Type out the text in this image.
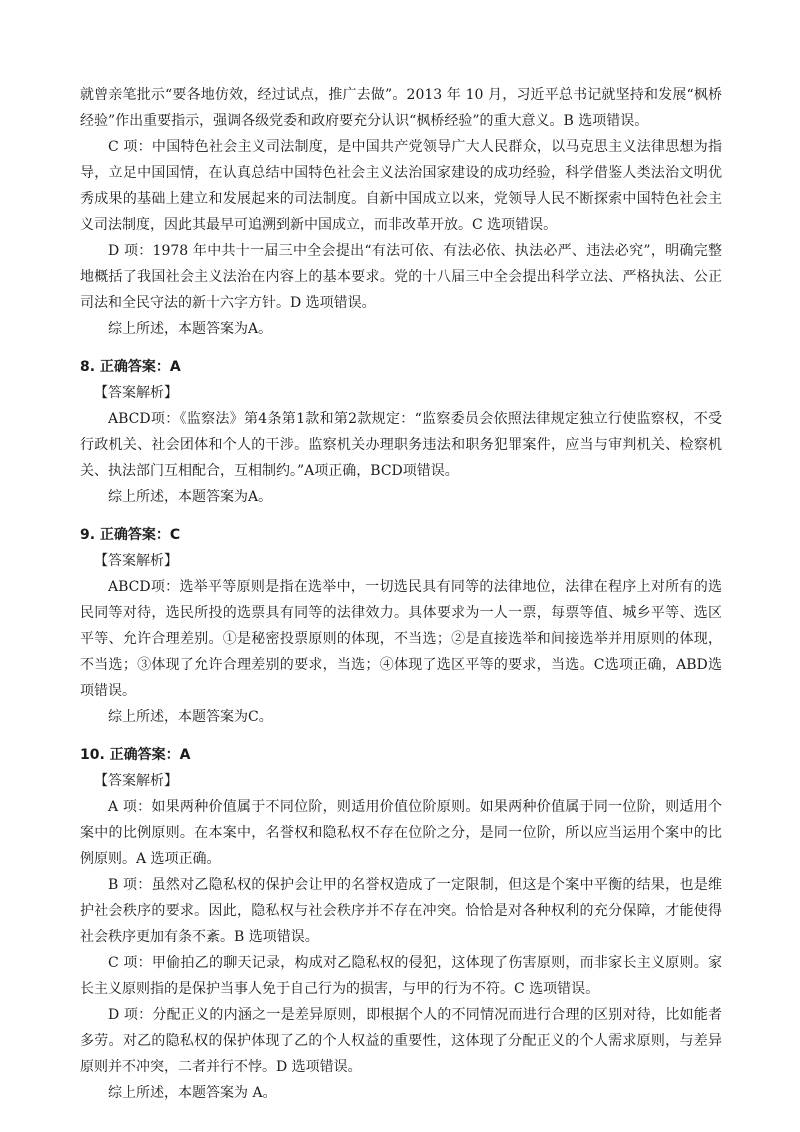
就曾亲笔批示“要各地仿效，经过试点，推广去做”。2013 年 10 月，习近平总书记就坚持和发展“枫桥经验”作出重要指示，强调各级党委和政府要充分认识“枫桥经验”的重大意义。B 选项错误。

C 项：中国特色社会主义司法制度，是中国共产党领导广大人民群众，以马克思主义法律思想为指导，立足中国国情，在认真总结中国特色社会主义法治国家建设的成功经验，科学借鉴人类法治文明优秀成果的基础上建立和发展起来的司法制度。自新中国成立以来，党领导人民不断探索中国特色社会主义司法制度，因此其最早可追溯到新中国成立，而非改革开放。C 选项错误。

D 项：1978 年中共十一届三中全会提出“有法可依、有法必依、执法必严、违法必究”，明确完整地概括了我国社会主义法治在内容上的基本要求。党的十八届三中全会提出科学立法、严格执法、公正司法和全民守法的新十六字方针。D 选项错误。

综上所述，本题答案为A。

8. 正确答案：A

【答案解析】

ABCD项：《监察法》第4条第1款和第2款规定：“监察委员会依照法律规定独立行使监察权，不受行政机关、社会团体和个人的干涉。监察机关办理职务违法和职务犯罪案件，应当与审判机关、检察机关、执法部门互相配合，互相制约。”A项正确，BCD项错误。

综上所述，本题答案为A。

9. 正确答案：C

【答案解析】

ABCD项：选举平等原则是指在选举中，一切选民具有同等的法律地位，法律在程序上对所有的选民同等对待，选民所投的选票具有同等的法律效力。具体要求为一人一票，每票等值、城乡平等、选区平等、允许合理差别。①是秘密投票原则的体现，不当选；②是直接选举和间接选举并用原则的体现，不当选；③体现了允许合理差别的要求，当选；④体现了选区平等的要求，当选。C选项正确，ABD选项错误。

综上所述，本题答案为C。

10. 正确答案：A

【答案解析】

A 项：如果两种价值属于不同位阶，则适用价值位阶原则。如果两种价值属于同一位阶，则适用个案中的比例原则。在本案中，名誉权和隐私权不存在位阶之分，是同一位阶，所以应当运用个案中的比例原则。A 选项正确。

B 项：虽然对乙隐私权的保护会让甲的名誉权造成了一定限制，但这是个案中平衡的结果，也是维护社会秩序的要求。因此，隐私权与社会秩序并不存在冲突。恰恰是对各种权利的充分保障，才能使得社会秩序更加有条不紊。B 选项错误。

C 项：甲偷拍乙的聊天记录，构成对乙隐私权的侵犯，这体现了伤害原则，而非家长主义原则。家长主义原则指的是保护当事人免于自己行为的损害，与甲的行为不符。C 选项错误。

D 项：分配正义的内涵之一是差异原则，即根据个人的不同情况而进行合理的区别对待，比如能者多劳。对乙的隐私权的保护体现了乙的个人权益的重要性，这体现了分配正义的个人需求原则，与差异原则并不冲突，二者并行不悖。D 选项错误。

综上所述，本题答案为 A。
